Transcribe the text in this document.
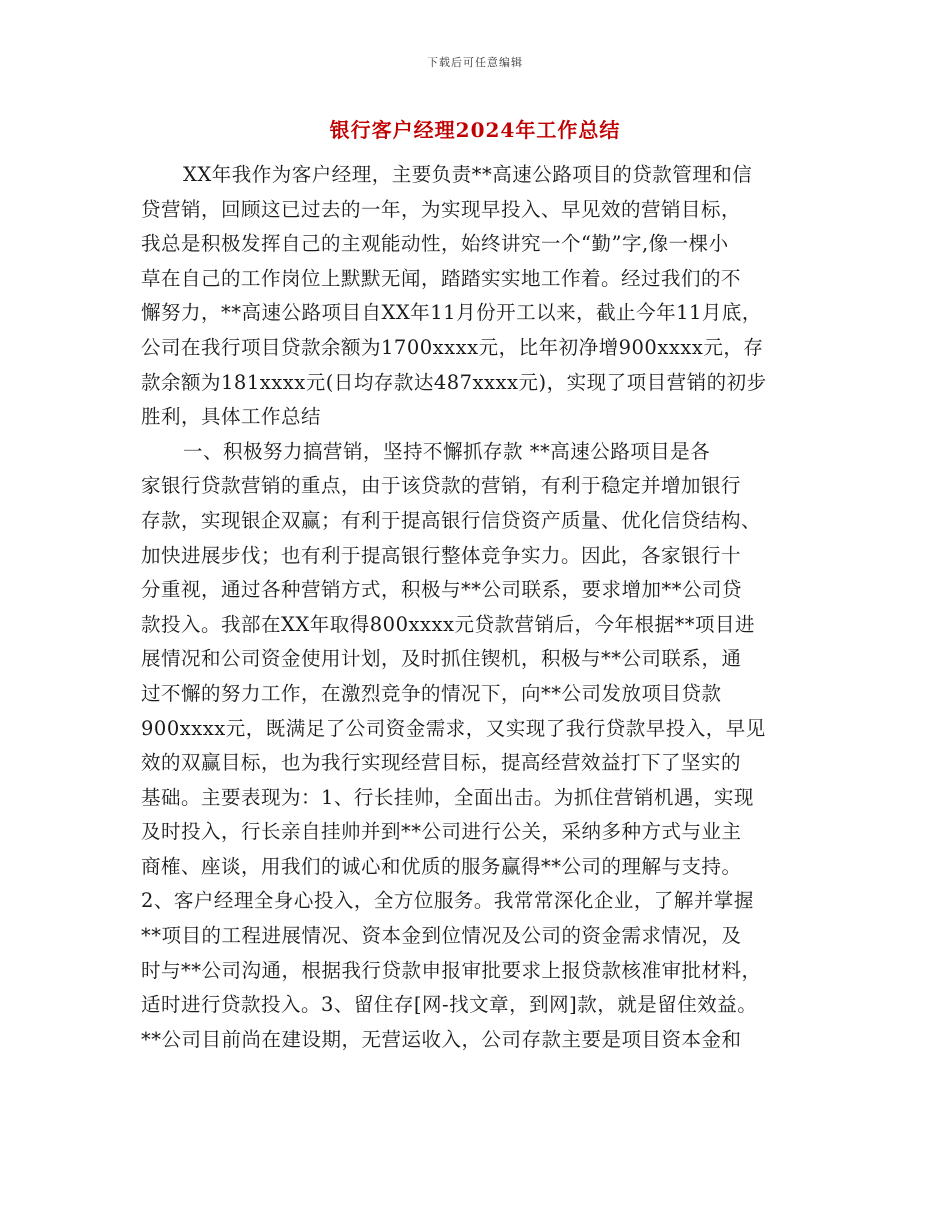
下载后可任意编辑
银行客户经理2024年工作总结
XX年我作为客户经理，主要负责**高速公路项目的贷款管理和信
贷营销，回顾这已过去的一年，为实现早投入、早见效的营销目标，
我总是积极发挥自己的主观能动性，始终讲究一个“勤”字,像一棵小
草在自己的工作岗位上默默无闻，踏踏实实地工作着。经过我们的不
懈努力，**高速公路项目自XX年11月份开工以来，截止今年11月底，
公司在我行项目贷款余额为1700xxxx元，比年初净增900xxxx元，存
款余额为181xxxx元(日均存款达487xxxx元)，实现了项目营销的初步
胜利，具体工作总结
一、积极努力搞营销，坚持不懈抓存款 **高速公路项目是各
家银行贷款营销的重点，由于该贷款的营销，有利于稳定并增加银行
存款，实现银企双赢；有利于提高银行信贷资产质量、优化信贷结构、
加快进展步伐；也有利于提高银行整体竞争实力。因此，各家银行十
分重视，通过各种营销方式，积极与**公司联系，要求增加**公司贷
款投入。我部在XX年取得800xxxx元贷款营销后，今年根据**项目进
展情况和公司资金使用计划，及时抓住锲机，积极与**公司联系，通
过不懈的努力工作，在激烈竞争的情况下，向**公司发放项目贷款
900xxxx元，既满足了公司资金需求，又实现了我行贷款早投入，早见
效的双赢目标，也为我行实现经营目标，提高经营效益打下了坚实的
基础。主要表现为：1、行长挂帅，全面出击。为抓住营销机遇，实现
及时投入，行长亲自挂帅并到**公司进行公关，采纳多种方式与业主
商榷、座谈，用我们的诚心和优质的服务赢得**公司的理解与支持。
2、客户经理全身心投入，全方位服务。我常常深化企业，了解并掌握
**项目的工程进展情况、资本金到位情况及公司的资金需求情况，及
时与**公司沟通，根据我行贷款申报审批要求上报贷款核准审批材料，
适时进行贷款投入。3、留住存[网-找文章，到网]款，就是留住效益。
**公司目前尚在建设期，无营运收入，公司存款主要是项目资本金和
